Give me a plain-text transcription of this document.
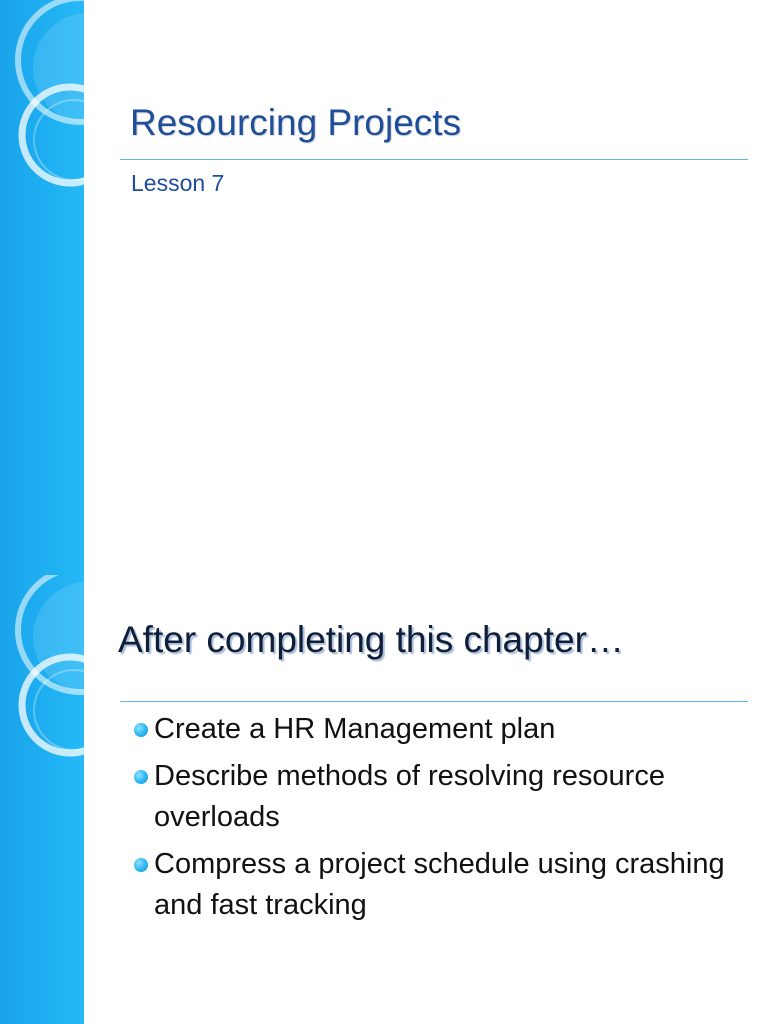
Resourcing Projects
Lesson 7
After completing this chapter…
Create a HR Management plan
Describe methods of resolving resource overloads
Compress a project schedule using crashing and fast tracking
